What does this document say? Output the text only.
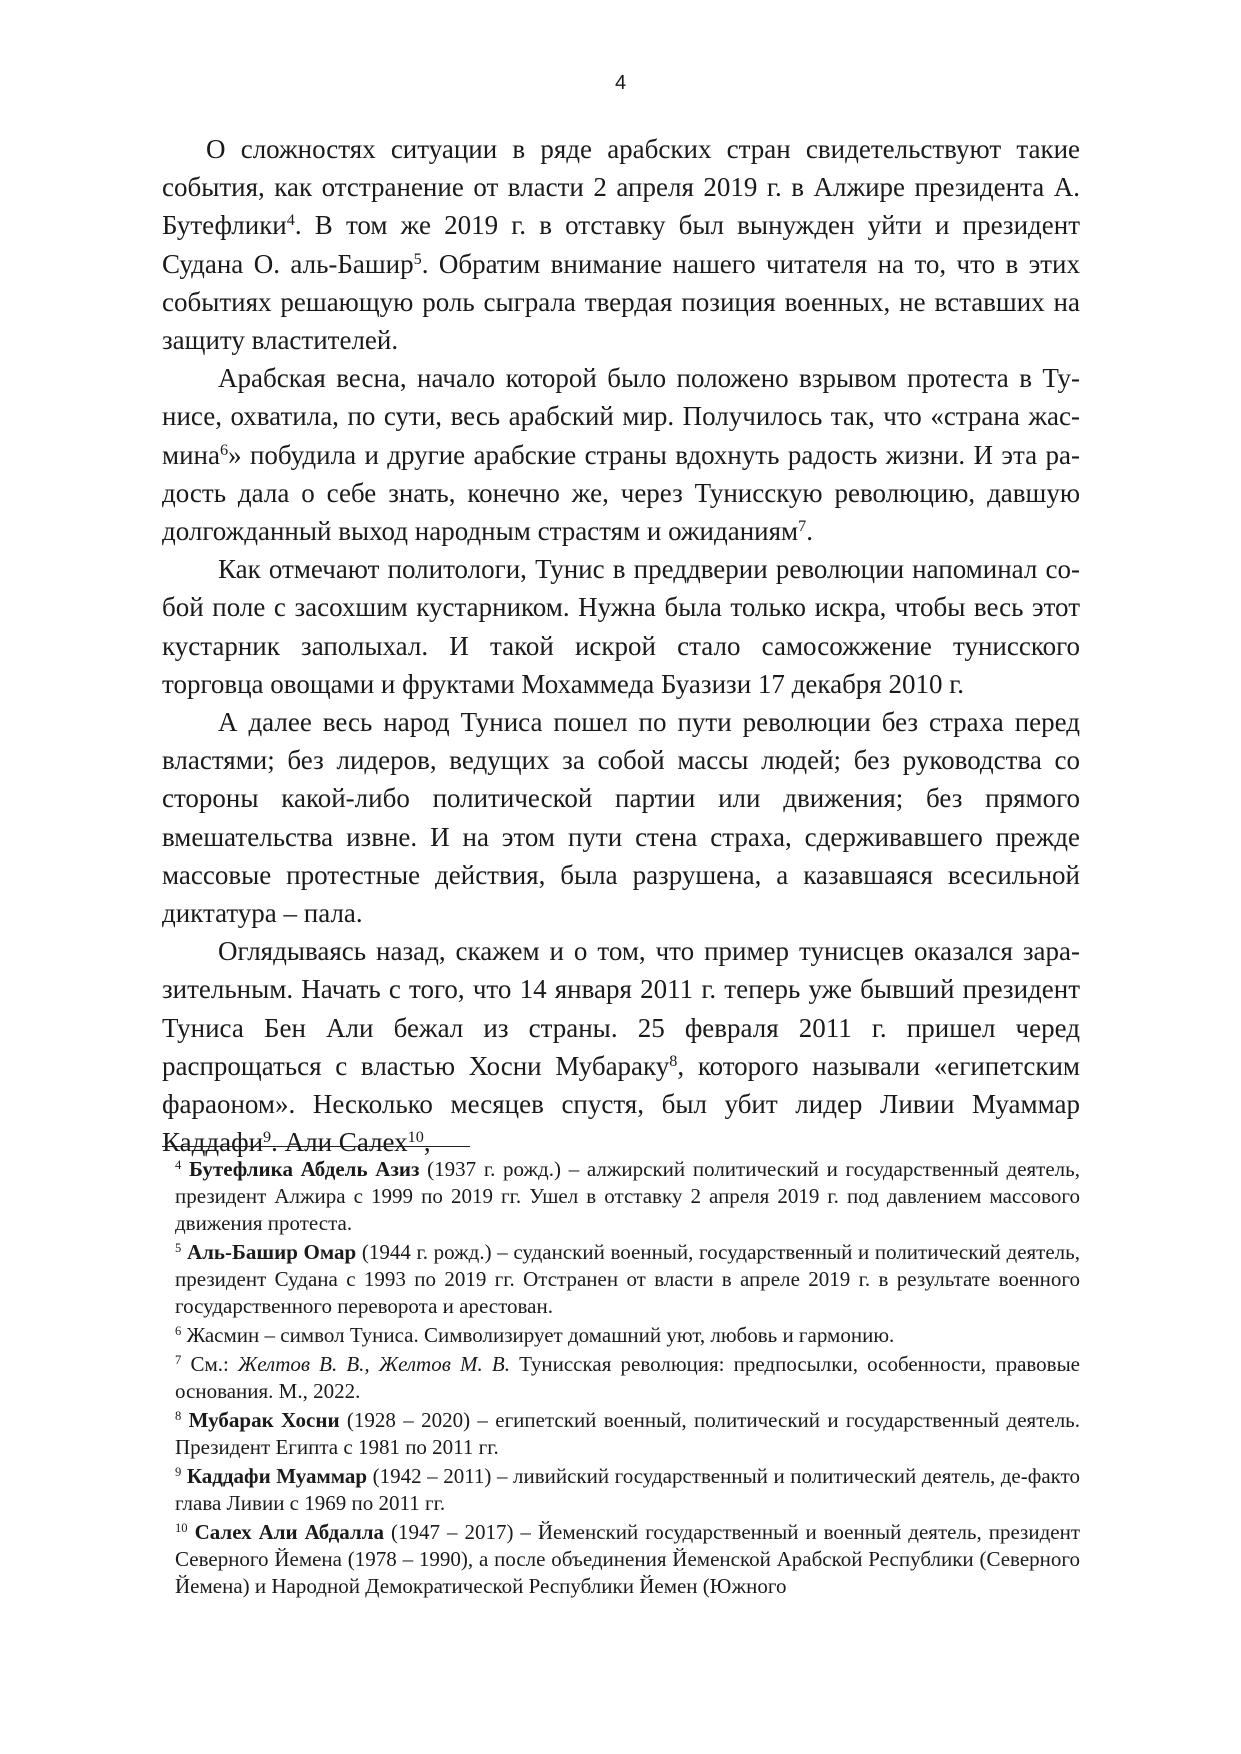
4

О сложностях ситуации в ряде арабских стран свидетельствуют такие события, как отстранение от власти 2 апреля 2019 г. в Алжире президента А. Бутефлики$^4$. В том же 2019 г. в отставку был вынужден уйти и президент Судана О. аль-Башир$^5$. Обратим внимание нашего читателя на то, что в этих событиях решающую роль сыграла твердая позиция военных, не вставших на защиту властителей.

Арабская весна, начало которой было положено взрывом протеста в Тунисе, охватила, по сути, весь арабский мир. Получилось так, что «страна жасмина$^6$» побудила и другие арабские страны вдохнуть радость жизни. И эта радость дала о себе знать, конечно же, через Тунисскую революцию, давшую долгожданный выход народным страстям и ожиданиям$^7$.

Как отмечают политологи, Тунис в преддверии революции напоминал собой поле с засохшим кустарником. Нужна была только искра, чтобы весь этот кустарник заполыхал. И такой искрой стало самосожжение тунисского торговца овощами и фруктами Мохаммеда Буазизи 17 декабря 2010 г.

А далее весь народ Туниса пошел по пути революции без страха перед властями; без лидеров, ведущих за собой массы людей; без руководства со стороны какой-либо политической партии или движения; без прямого вмешательства извне. И на этом пути стена страха, сдерживавшего прежде массовые протестные действия, была разрушена, а казавшаяся всесильной диктатура – пала.

Оглядываясь назад, скажем и о том, что пример тунисцев оказался заразительным. Начать с того, что 14 января 2011 г. теперь уже бывший президент Туниса Бен Али бежал из страны. 25 февраля 2011 г. пришел черед распрощаться с властью Хосни Мубараку$^8$, которого называли «египетским фараоном». Несколько месяцев спустя, был убит лидер Ливии Муаммар Каддафи$^9$. Али Салех$^{10}$,

$^4$ Бутефлика Абдель Азиз (1937 г. рожд.) – алжирский политический и государственный деятель, президент Алжира с 1999 по 2019 гг. Ушел в отставку 2 апреля 2019 г. под давлением массового движения протеста.

$^5$ Аль-Башир Омар (1944 г. рожд.) – суданский военный, государственный и политический деятель, президент Судана с 1993 по 2019 гг. Отстранен от власти в апреле 2019 г. в результате военного государственного переворота и арестован.

$^6$ Жасмин – символ Туниса. Символизирует домашний уют, любовь и гармонию.

$^7$ См.: Желтов В. В., Желтов М. В. Тунисская революция: предпосылки, особенности, правовые основания. М., 2022.

$^8$ Мубарак Хосни (1928 – 2020) – египетский военный, политический и государственный деятель. Президент Египта с 1981 по 2011 гг.

$^9$ Каддафи Муаммар (1942 – 2011) – ливийский государственный и политический деятель, де-факто глава Ливии с 1969 по 2011 гг.

$^{10}$ Салех Али Абдалла (1947 – 2017) – Йеменский государственный и военный деятель, президент Северного Йемена (1978 – 1990), а после объединения Йеменской Арабской Республики (Северного Йемена) и Народной Демократической Республики Йемен (Южного
